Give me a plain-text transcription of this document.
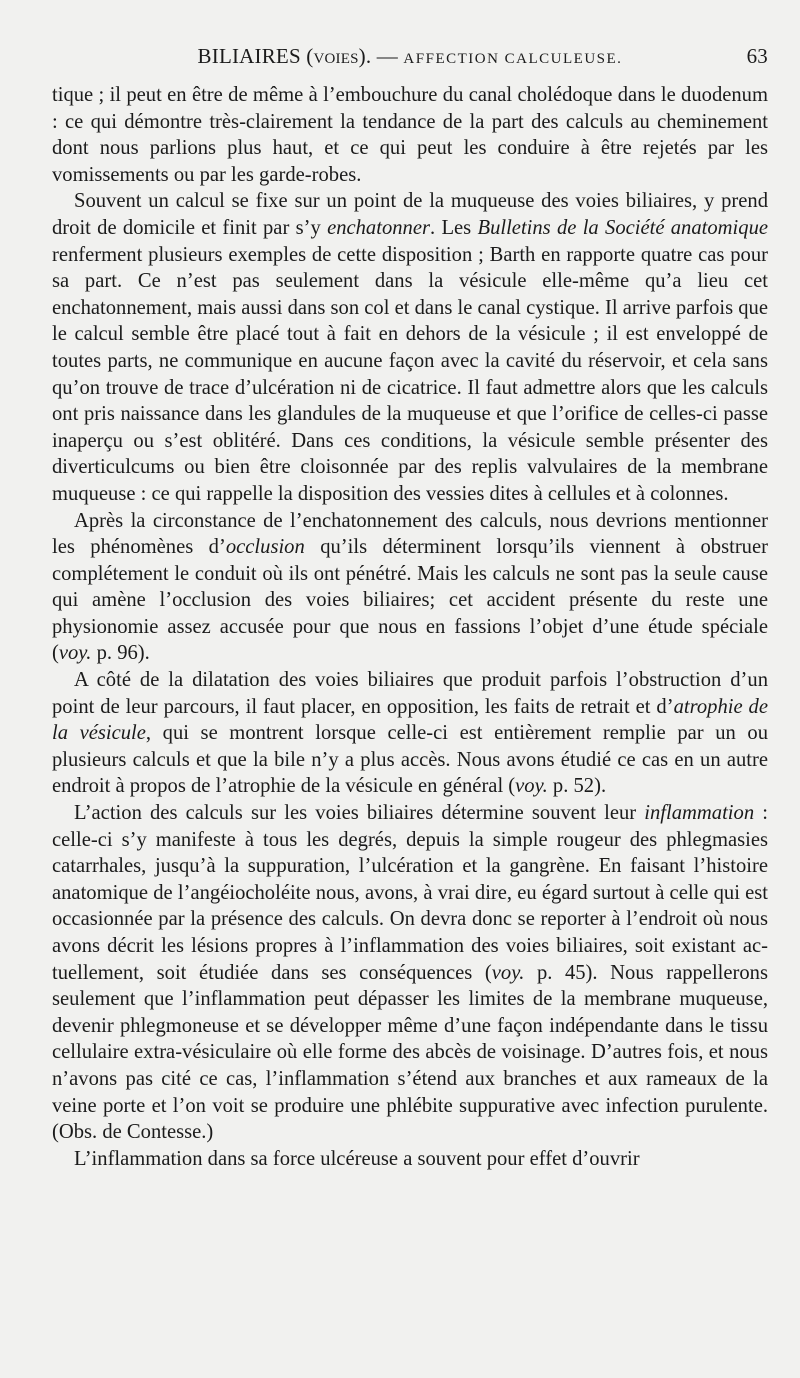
BILIAIRES (voies). — AFFECTION CALCULEUSE.	63

tique ; il peut en être de même à l’embouchure du canal cholédoque dans le duodenum : ce qui démontre très-clairement la tendance de la part des calculs au cheminement dont nous parlions plus haut, et ce qui peut les conduire à être rejetés par les vomissements ou par les garde-robes.

Souvent un calcul se fixe sur un point de la muqueuse des voies biliaires, y prend droit de domicile et finit par s’y enchatonner. Les Bulletins de la Société anatomique renferment plusieurs exemples de cette disposition ; Barth en rapporte quatre cas pour sa part. Ce n’est pas seulement dans la vésicule elle-même qu’a lieu cet enchatonnement, mais aussi dans son col et dans le canal cystique. Il arrive parfois que le calcul semble être placé tout à fait en dehors de la vésicule ; il est enveloppé de toutes parts, ne communique en aucune façon avec la cavité du réservoir, et cela sans qu’on trouve de trace d’ulcération ni de cicatrice. Il faut admettre alors que les calculs ont pris naissance dans les glandules de la muqueuse et que l’orifice de celles-ci passe inaperçu ou s’est oblitéré. Dans ces conditions, la vésicule semble présenter des diverticulcums ou bien être cloisonnée par des replis valvulaires de la membrane muqueuse : ce qui rappelle la disposition des vessies dites à cellules et à colonnes.

Après la circonstance de l’enchatonnement des calculs, nous devrions mentionner les phénomènes d’occlusion qu’ils déterminent lorsqu’ils viennent à obstruer complétement le conduit où ils ont pénétré. Mais les calculs ne sont pas la seule cause qui amène l’occlusion des voies biliaires; cet accident présente du reste une physionomie assez accusée pour que nous en fassions l’objet d’une étude spéciale (voy. p. 96).

A côté de la dilatation des voies biliaires que produit parfois l’obstruction d’un point de leur parcours, il faut placer, en opposition, les faits de retrait et d’atrophie de la vésicule, qui se montrent lorsque celle-ci est entièrement remplie par un ou plusieurs calculs et que la bile n’y a plus accès. Nous avons étudié ce cas en un autre endroit à propos de l’atrophie de la vésicule en général (voy. p. 52).

L’action des calculs sur les voies biliaires détermine souvent leur inflammation : celle-ci s’y manifeste à tous les degrés, depuis la simple rougeur des phlegmasies catarrhales, jusqu’à la suppuration, l’ulcération et la gangrène. En faisant l’histoire anatomique de l’angéiocholéite nous, avons, à vrai dire, eu égard surtout à celle qui est occasionnée par la présence des calculs. On devra donc se reporter à l’endroit où nous avons décrit les lésions propres à l’inflammation des voies biliaires, soit existant actuellement, soit étudiée dans ses conséquences (voy. p. 45). Nous rappellerons seulement que l’inflammation peut dépasser les limites de la membrane muqueuse, devenir phlegmoneuse et se développer même d’une façon indépendante dans le tissu cellulaire extra-vésiculaire où elle forme des abcès de voisinage. D’autres fois, et nous n’avons pas cité ce cas, l’inflammation s’étend aux branches et aux rameaux de la veine porte et l’on voit se produire une phlébite suppurative avec infection purulente. (Obs. de Contesse.)

L’inflammation dans sa force ulcéreuse a souvent pour effet d’ouvrir
